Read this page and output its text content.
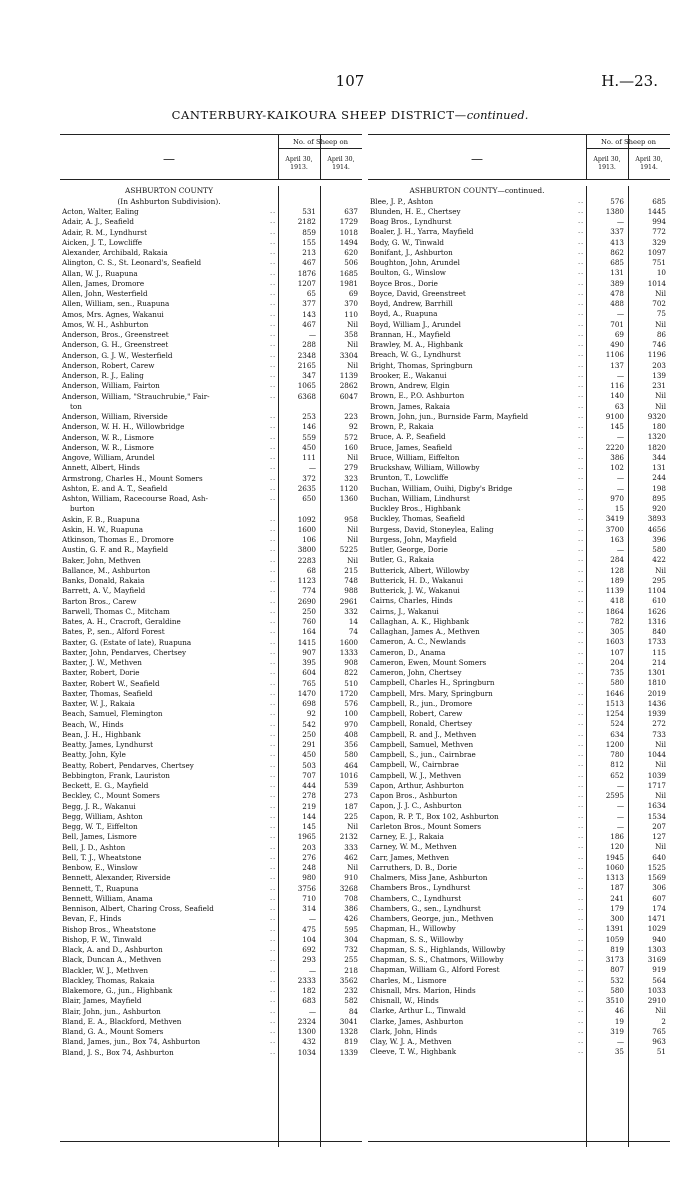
107	H.—23.
CANTERBURY-KAIKOURA SHEEP DISTRICT—continued.
—
No. of Sheep on
April 30, 1913.
April 30, 1914.
ASHBURTON COUNTY
(In Ashburton Subdivision).
Acton, Walter, Ealing	..	531	637
Adair, A. J., Seafield	..	2182	1729
Adair, R. M., Lyndhurst	..	859	1018
Aicken, J. T., Lowcliffe	..	155	1494
Alexander, Archibald, Rakaia	..	213	620
Alington, C. S., St. Leonard's, Seafield	..	467	506
Allan, W. J., Ruapuna	..	1876	1685
Allen, James, Dromore	..	1207	1981
Allen, John, Westerfield	..	65	69
Allen, William, sen., Ruapuna	..	377	370
Amos, Mrs. Agnes, Wakanui	..	143	110
Amos, W. H., Ashburton	..	467	Nil
Anderson, Bros., Greenstreet	..	—	358
Anderson, G. H., Greenstreet	..	288	Nil
Anderson, G. J. W., Westerfield	..	2348	3304
Anderson, Robert, Carew	..	2165	Nil
Anderson, R. J., Ealing	..	347	1139
Anderson, William, Fairton	..	1065	2862
Anderson, William, "Strauchrubie," Fair-	..	6368	6047
ton
Anderson, William, Riverside	..	253	223
Anderson, W. H. H., Willowbridge	..	146	92
Anderson, W. R., Lismore	..	559	572
Anderson, W. R., Lismore	..	450	160
Angove, William, Arundel	..	111	Nil
Annett, Albert, Hinds	..	—	279
Armstrong, Charles H., Mount Somers	..	372	323
Ashton, E. and A. T., Seafield	..	2635	1120
Ashton, William, Racecourse Road, Ash-	..	650	1360
burton
Askin, F. B., Ruapuna	..	1092	958
Askin, H. W., Ruapuna	..	1600	Nil
Atkinson, Thomas E., Dromore	..	106	Nil
Austin, G. F. and R., Mayfield	..	3800	5225
Baker, John, Methven	..	2283	Nil
Ballance, M., Ashburton	..	68	215
Banks, Donald, Rakaia	..	1123	748
Barrett, A. V., Mayfield	..	774	988
Barton Bros., Carew	..	2690	2961
Barwell, Thomas C., Mitcham	..	250	332
Bates, A. H., Cracroft, Geraldine	..	760	14
Bates, P., sen., Alford Forest	..	164	74
Baxter, G. (Estate of late), Ruapuna	..	1415	1600
Baxter, John, Pendarves, Chertsey	..	907	1333
Baxter, J. W., Methven	..	395	908
Baxter, Robert, Dorie	..	604	822
Baxter, Robert W., Seafield	..	765	510
Baxter, Thomas, Seafield	..	1470	1720
Baxter, W. J., Rakaia	..	698	576
Beach, Samuel, Flemington	..	92	100
Beach, W., Hinds	..	542	970
Bean, J. H., Highbank	..	250	408
Beatty, James, Lyndhurst	..	291	356
Beatty, John, Kyle	..	450	580
Beatty, Robert, Pendarves, Chertsey	..	503	464
Bebbington, Frank, Lauriston	..	707	1016
Beckett, E. G., Mayfield	..	444	539
Beckley, C., Mount Somers	..	278	273
Begg, J. R., Wakanui	..	219	187
Begg, William, Ashton	..	144	225
Begg, W. T., Eiffelton	..	145	Nil
Bell, James, Lismore	..	1965	2132
Bell, J. D., Ashton	..	203	333
Bell, T. J., Wheatstone	..	276	462
Benbow, E., Winslow	..	248	Nil
Bennett, Alexander, Riverside	..	980	910
Bennett, T., Ruapuna	..	3756	3268
Bennett, William, Anama	..	710	708
Bennison, Albert, Charing Cross, Seafield	..	314	386
Bevan, F., Hinds	..	—	426
Bishop Bros., Wheatstone	..	475	595
Bishop, F. W., Tinwald	..	104	304
Black, A. and D., Ashburton	..	692	732
Black, Duncan A., Methven	..	293	255
Blackler, W. J., Methven	..	—	218
Blackley, Thomas, Rakaia	..	2333	3562
Blakemore, G., jun., Highbank	..	182	232
Blair, James, Mayfield	..	683	582
Blair, John, jun., Ashburton	..	—	84
Bland, E. A., Blackford, Methven	..	2324	3041
Bland, G. A., Mount Somers	..	1300	1328
Bland, James, jun., Box 74, Ashburton	..	432	819
Bland, J. S., Box 74, Ashburton	..	1034	1339
—
No. of Sheep on
April 30, 1913.
April 30, 1914.
ASHBURTON COUNTY—continued.
Blee, J. P., Ashton	..	576	685
Blunden, H. E., Chertsey	..	1380	1445
Boag Bros., Lyndhurst	..	—	994
Boaler, J. H., Yarra, Mayfield	..	337	772
Body, G. W., Tinwald	..	413	329
Bonifant, J., Ashburton	..	862	1097
Boughton, John, Arundel	..	685	751
Boulton, G., Winslow	..	131	10
Boyce Bros., Dorie	..	389	1014
Boyce, David, Greenstreet	..	478	Nil
Boyd, Andrew, Barrhill	..	488	702
Boyd, A., Ruapuna	..	—	75
Boyd, William J., Arundel	..	701	Nil
Brannan, H., Mayfield	..	69	86
Brawley, M. A., Highbank	..	490	746
Breach, W. G., Lyndhurst	..	1106	1196
Bright, Thomas, Springburn	..	137	203
Brooker, E., Wakanui	..	—	139
Brown, Andrew, Elgin	..	116	231
Brown, E., P.O. Ashburton	..	140	Nil
Brown, James, Rakaia	..	63	Nil
Brown, John, jun., Burnside Farm, Mayfield	..	9100	9320
Brown, P., Rakaia	..	145	180
Bruce, A. P., Seafield	..	—	1320
Bruce, James, Seafield	..	2220	1820
Bruce, William, Eiffelton	..	386	344
Bruckshaw, William, Willowby	..	102	131
Brunton, T., Lowcliffe	..	—	244
Buchan, William, Ouihi, Digby's Bridge	..	—	198
Buchan, William, Lindhurst	..	970	895
Buckley Bros., Highbank	..	15	920
Buckley, Thomas, Seafield	..	3419	3893
Burgess, David, Stoneylea, Ealing	..	3700	4656
Burgess, John, Mayfield	..	163	396
Butler, George, Dorie	..	—	580
Butler, G., Rakaia	..	284	422
Butterick, Albert, Willowby	..	128	Nil
Butterick, H. D., Wakanui	..	189	295
Butterick, J. W., Wakanui	..	1139	1104
Cairns, Charles, Hinds	..	418	610
Cairns, J., Wakanui	..	1864	1626
Callaghan, A. K., Highbank	..	782	1316
Callaghan, James A., Methven	..	305	840
Cameron, A. C., Newlands	..	1603	1733
Cameron, D., Anama	..	107	115
Cameron, Ewen, Mount Somers	..	204	214
Cameron, John, Chertsey	..	735	1301
Campbell, Charles H., Springburn	..	580	1810
Campbell, Mrs. Mary, Springburn	..	1646	2019
Campbell, R., jun., Dromore	..	1513	1436
Campbell, Robert, Carew	..	1254	1939
Campbell, Ronald, Chertsey	..	524	272
Campbell, R. and J., Methven	..	634	733
Campbell, Samuel, Methven	..	1200	Nil
Campbell, S., jun., Cairnbrae	..	780	1044
Campbell, W., Cairnbrae	..	812	Nil
Campbell, W. J., Methven	..	652	1039
Capon, Arthur, Ashburton	..	—	1717
Capon Bros., Ashburton	..	2595	Nil
Capon, J. J. C., Ashburton	..	—	1634
Capon, R. P. T., Box 102, Ashburton	..	—	1534
Carleton Bros., Mount Somers	..	—	207
Carney, E. J., Rakaia	..	186	127
Carney, W. M., Methven	..	120	Nil
Carr, James, Methven	..	1945	640
Carruthers, D. B., Dorie	..	1060	1525
Chalmers, Miss Jane, Ashburton	..	1313	1569
Chambers Bros., Lyndhurst	..	187	306
Chambers, C., Lyndhurst	..	241	607
Chambers, G., sen., Lyndhurst	..	179	174
Chambers, George, jun., Methven	..	300	1471
Chapman, H., Willowby	..	1391	1029
Chapman, S. S., Willowby	..	1059	940
Chapman, S. S., Highlands, Willowby	..	819	1303
Chapman, S. S., Chatmors, Willowby	..	3173	3169
Chapman, William G., Alford Forest	..	807	919
Charles, M., Lismore	..	532	564
Chisnall, Mrs. Marion, Hinds	..	580	1033
Chisnall, W., Hinds	..	3510	2910
Clarke, Arthur L., Tinwald	..	46	Nil
Clarke, James, Ashburton	..	19	2
Clark, John, Hinds	..	319	765
Clay, W. J. A., Methven	..	—	963
Cleeve, T. W., Highbank	..	35	51
